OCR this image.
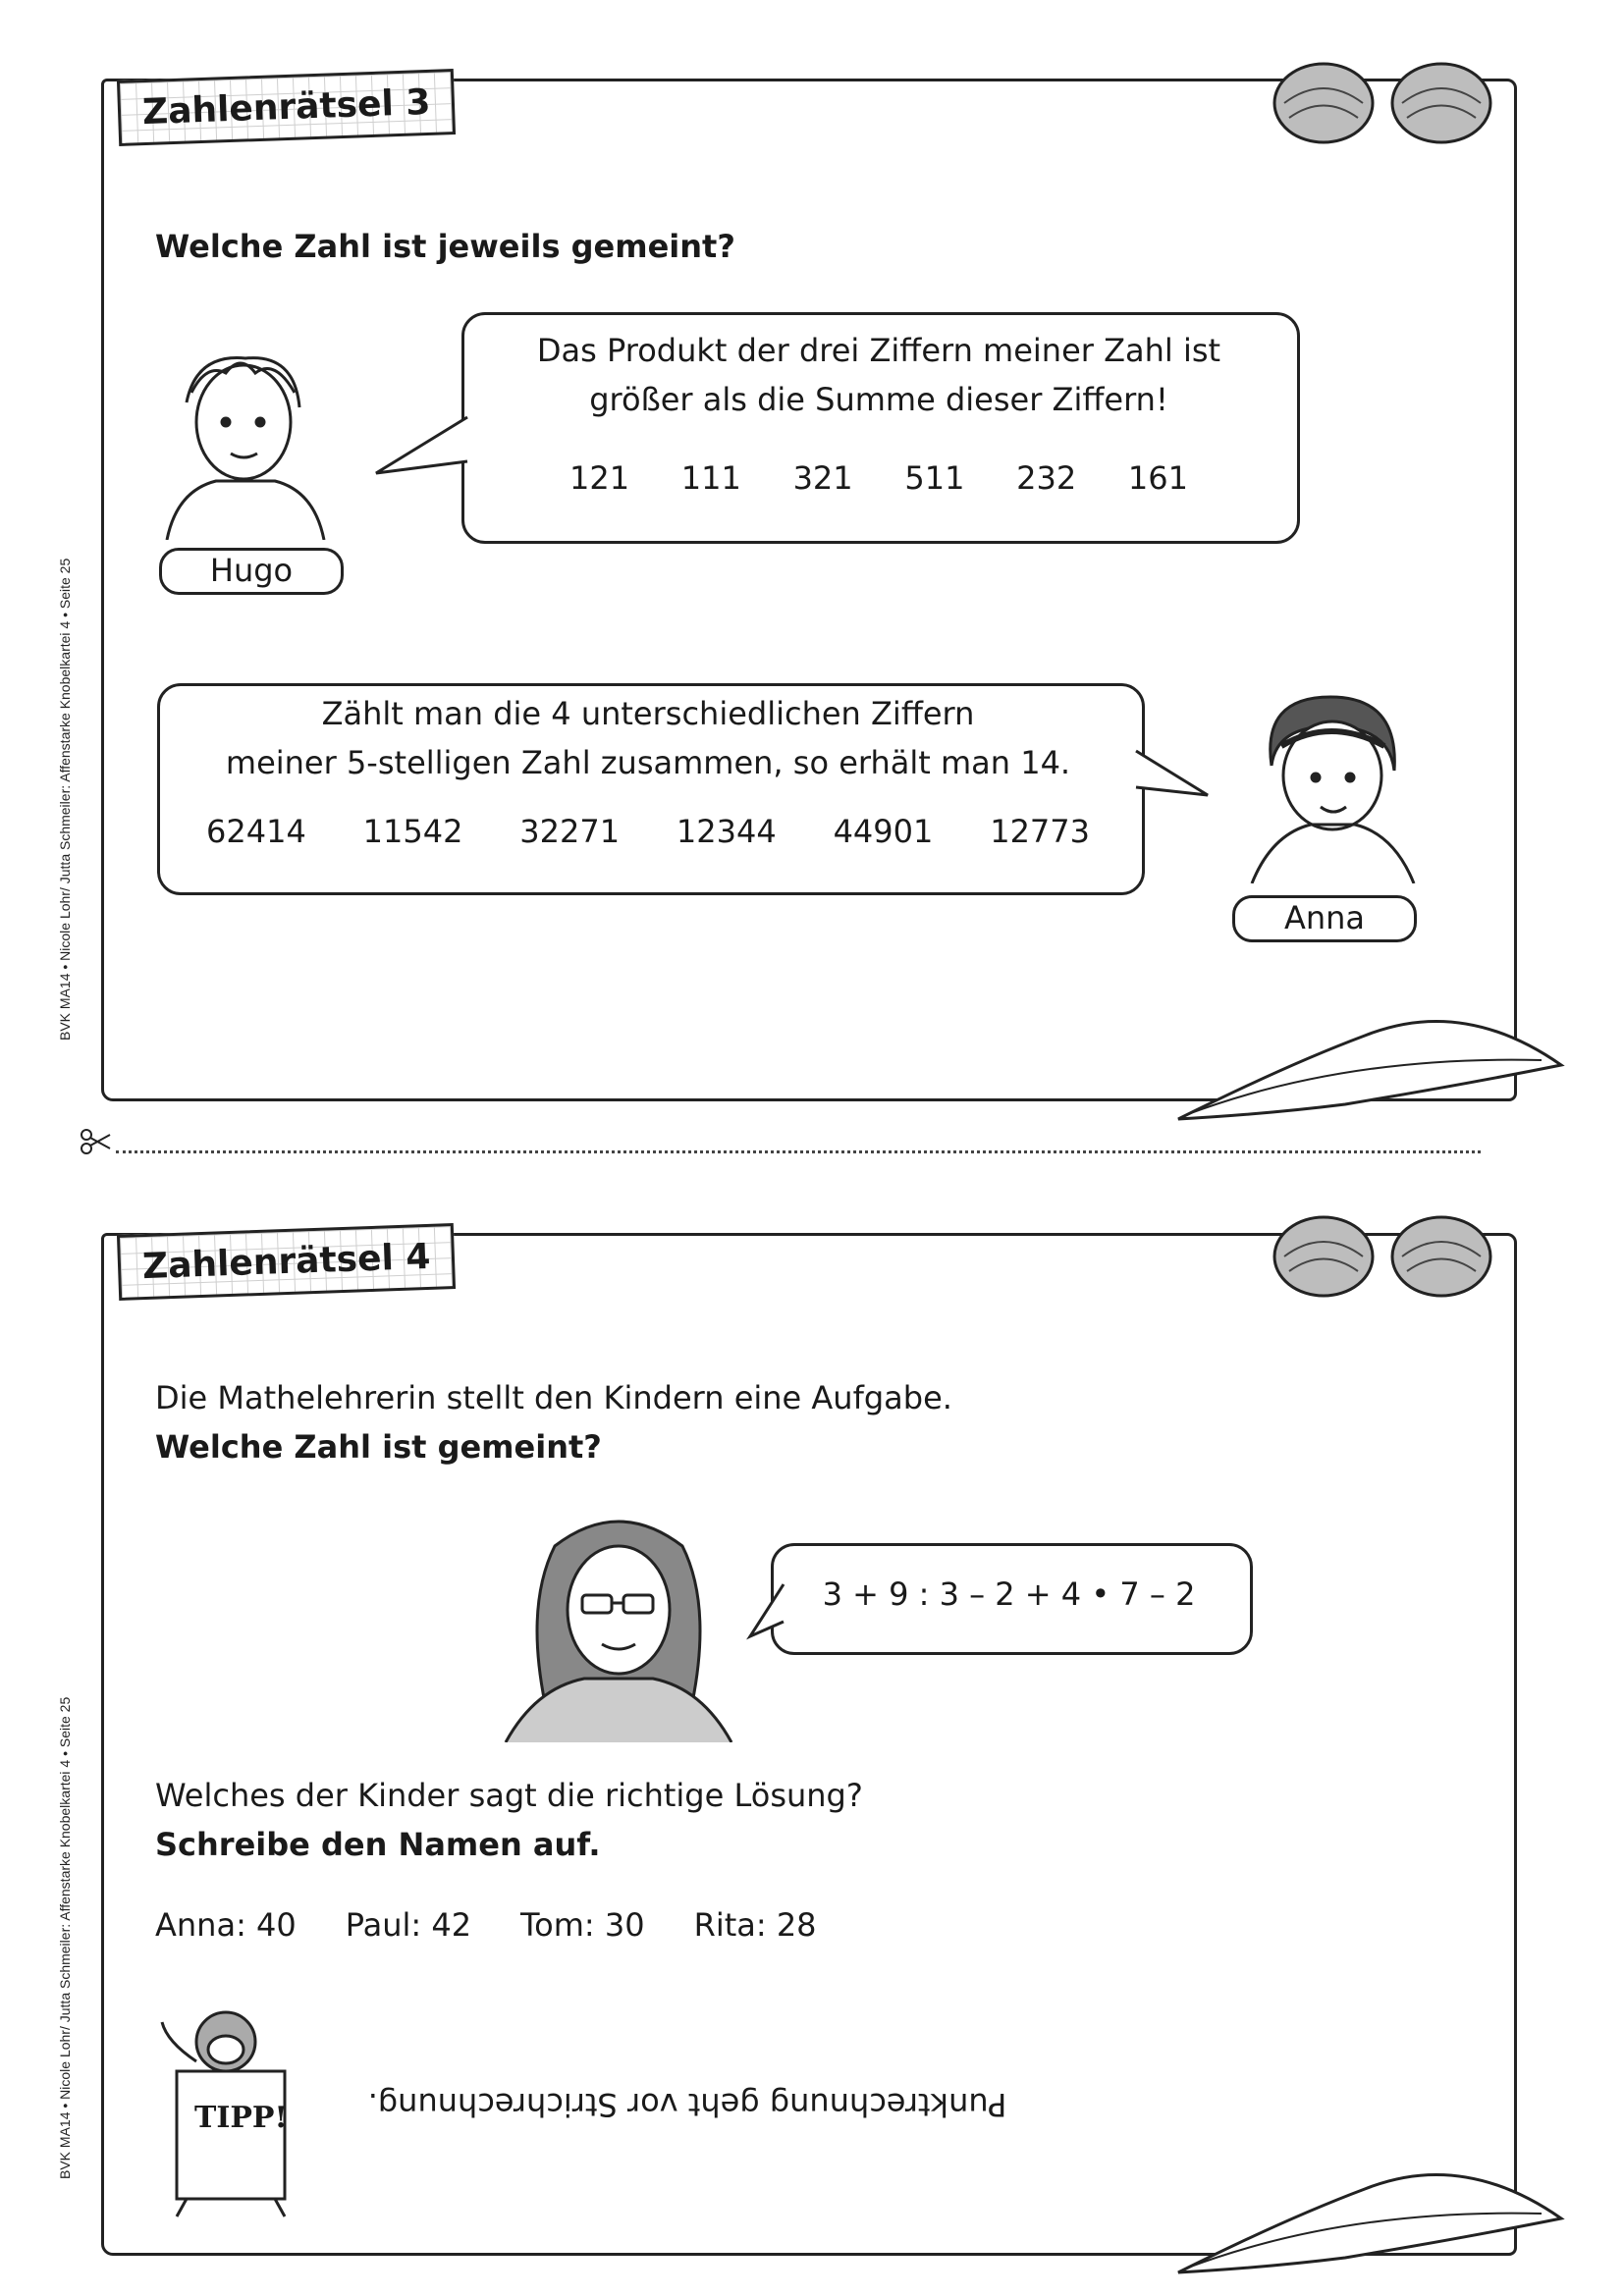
BVK MA14 • Nicole Lohr/ Jutta Schmeiler: Affenstarke Knobelkartei 4 • Seite 25
BVK MA14 • Nicole Lohr/ Jutta Schmeiler: Affenstarke Knobelkartei 4 • Seite 25
Zahlenrätsel 3
Welche Zahl ist jeweils gemeint?
Hugo
Das Produkt der drei Ziffern meiner Zahl ist
größer als die Summe dieser Ziffern!
121 111 321 511 232 161
Zählt man die 4 unterschiedlichen Ziffern
meiner 5-stelligen Zahl zusammen, so erhält man 14.
62414 11542 32271 12344 44901 12773
Anna
Zahlenrätsel 4
Die Mathelehrerin stellt den Kindern eine Aufgabe.
Welche Zahl ist gemeint?
3 + 9 : 3 – 2 + 4 • 7 – 2
Welches der Kinder sagt die richtige Lösung?
Schreibe den Namen auf.
Anna: 40 Paul: 42 Tom: 30 Rita: 28
TIPP!	Punktrechnung geht vor Strichrechnung.
